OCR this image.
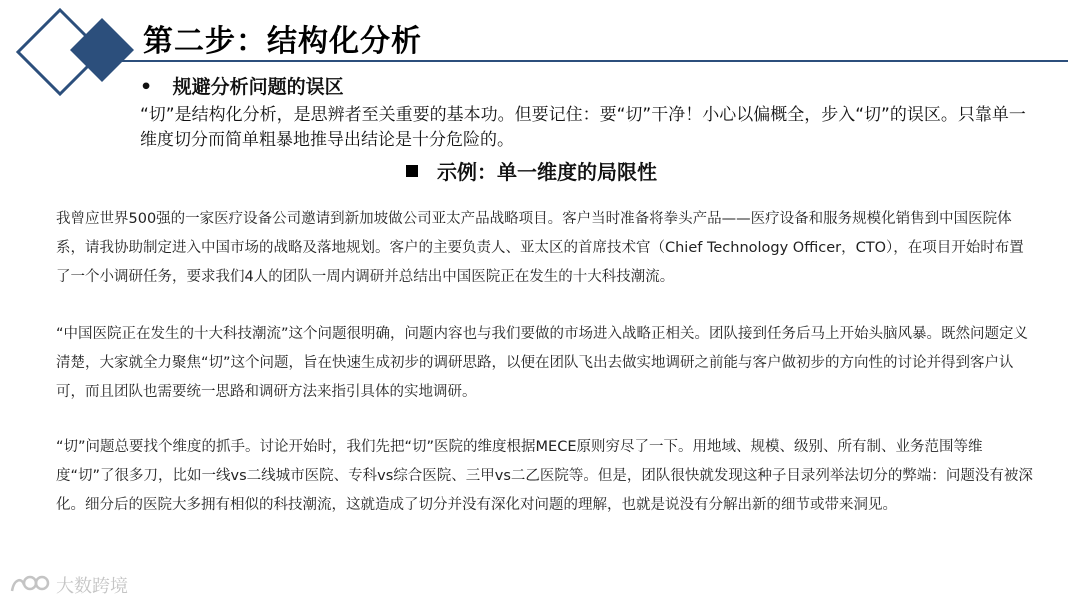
第二步：结构化分析
• 规避分析问题的误区
“切”是结构化分析，是思辨者至关重要的基本功。但要记住：要“切”干净！小心以偏概全，步入“切”的误区。只靠单一维度切分而简单粗暴地推导出结论是十分危险的。
示例：单一维度的局限性
我曾应世界500强的一家医疗设备公司邀请到新加坡做公司亚太产品战略项目。客户当时准备将拳头产品——医疗设备和服务规模化销售到中国医院体系，请我协助制定进入中国市场的战略及落地规划。客户的主要负责人、亚太区的首席技术官（Chief Technology Officer，CTO），在项目开始时布置了一个小调研任务，要求我们4人的团队一周内调研并总结出中国医院正在发生的十大科技潮流。
“中国医院正在发生的十大科技潮流”这个问题很明确，问题内容也与我们要做的市场进入战略正相关。团队接到任务后马上开始头脑风暴。既然问题定义清楚，大家就全力聚焦“切”这个问题，旨在快速生成初步的调研思路，以便在团队飞出去做实地调研之前能与客户做初步的方向性的讨论并得到客户认可，而且团队也需要统一思路和调研方法来指引具体的实地调研。
“切”问题总要找个维度的抓手。讨论开始时，我们先把“切”医院的维度根据MECE原则穷尽了一下。用地域、规模、级别、所有制、业务范围等维度“切”了很多刀，比如一线vs二线城市医院、专科vs综合医院、三甲vs二乙医院等。但是，团队很快就发现这种子目录列举法切分的弊端：问题没有被深化。细分后的医院大多拥有相似的科技潮流，这就造成了切分并没有深化对问题的理解，也就是说没有分解出新的细节或带来洞见。
大数跨境
